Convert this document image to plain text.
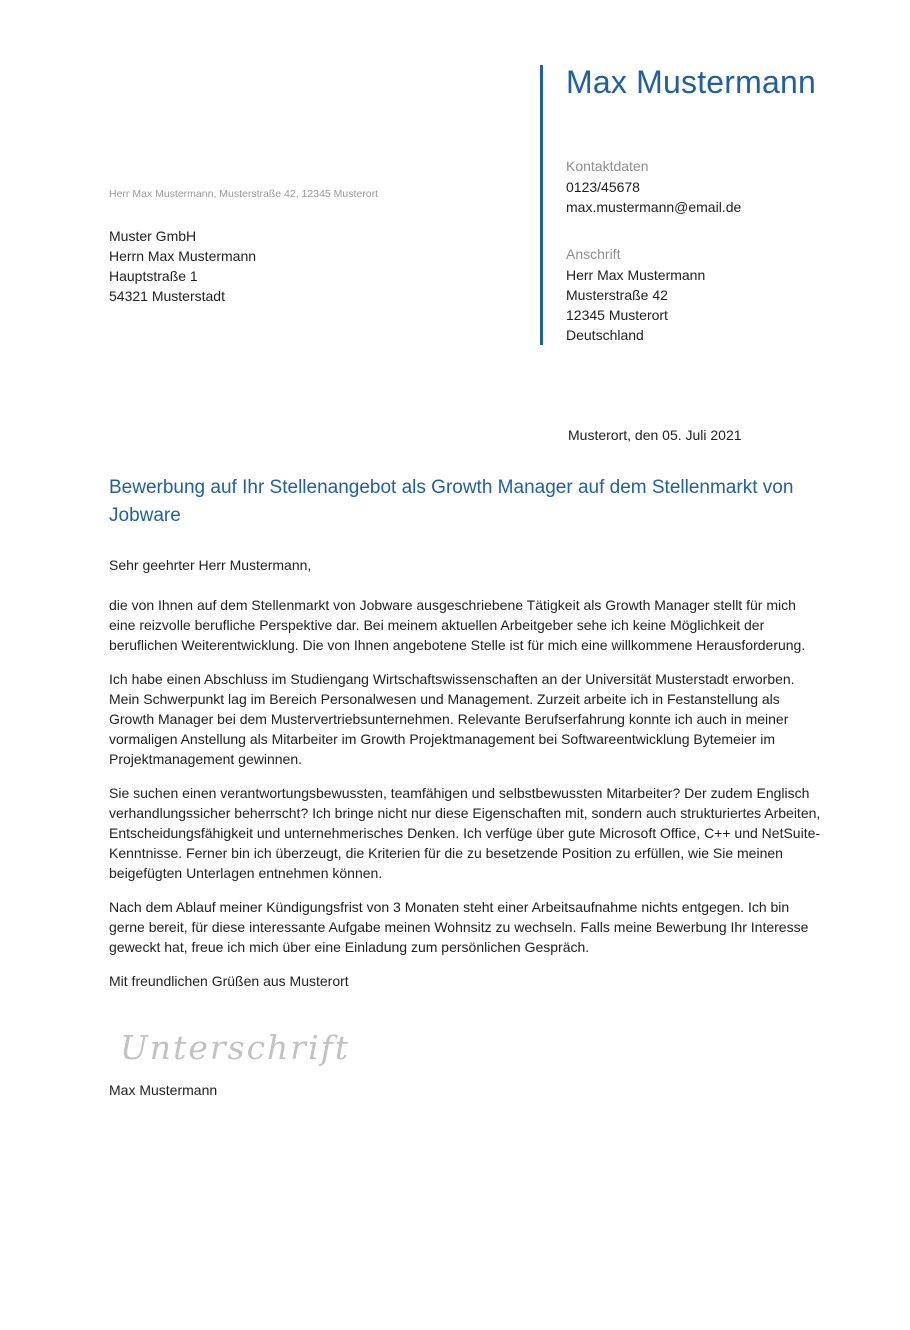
Max Mustermann
Kontaktdaten
0123/45678
max.mustermann@email.de
Anschrift
Herr Max Mustermann
Musterstraße 42
12345 Musterort
Deutschland
Herr Max Mustermann, Musterstraße 42, 12345 Musterort
Muster GmbH
Herrn Max Mustermann
Hauptstraße 1
54321 Musterstadt
Musterort, den 05. Juli 2021
Bewerbung auf Ihr Stellenangebot als Growth Manager auf dem Stellenmarkt von Jobware

Sehr geehrter Herr Mustermann,

die von Ihnen auf dem Stellenmarkt von Jobware ausgeschriebene Tätigkeit als Growth Manager stellt für mich eine reizvolle berufliche Perspektive dar. Bei meinem aktuellen Arbeitgeber sehe ich keine Möglichkeit der beruflichen Weiterentwicklung. Die von Ihnen angebotene Stelle ist für mich eine willkommene Herausforderung.

Ich habe einen Abschluss im Studiengang Wirtschaftswissenschaften an der Universität Musterstadt erworben. Mein Schwerpunkt lag im Bereich Personalwesen und Management. Zurzeit arbeite ich in Festanstellung als Growth Manager bei dem Mustervertriebsunternehmen. Relevante Berufserfahrung konnte ich auch in meiner vormaligen Anstellung als Mitarbeiter im Growth Projektmanagement bei Softwareentwicklung Bytemeier im Projektmanagement gewinnen.

Sie suchen einen verantwortungsbewussten, teamfähigen und selbstbewussten Mitarbeiter? Der zudem Englisch verhandlungssicher beherrscht? Ich bringe nicht nur diese Eigenschaften mit, sondern auch strukturiertes Arbeiten, Entscheidungsfähigkeit und unternehmerisches Denken. Ich verfüge über gute Microsoft Office, C++ und NetSuite-Kenntnisse. Ferner bin ich überzeugt, die Kriterien für die zu besetzende Position zu erfüllen, wie Sie meinen beigefügten Unterlagen entnehmen können.

Nach dem Ablauf meiner Kündigungsfrist von 3 Monaten steht einer Arbeitsaufnahme nichts entgegen. Ich bin gerne bereit, für diese interessante Aufgabe meinen Wohnsitz zu wechseln. Falls meine Bewerbung Ihr Interesse geweckt hat, freue ich mich über eine Einladung zum persönlichen Gespräch.

Mit freundlichen Grüßen aus Musterort

Unterschrift
Max Mustermann
